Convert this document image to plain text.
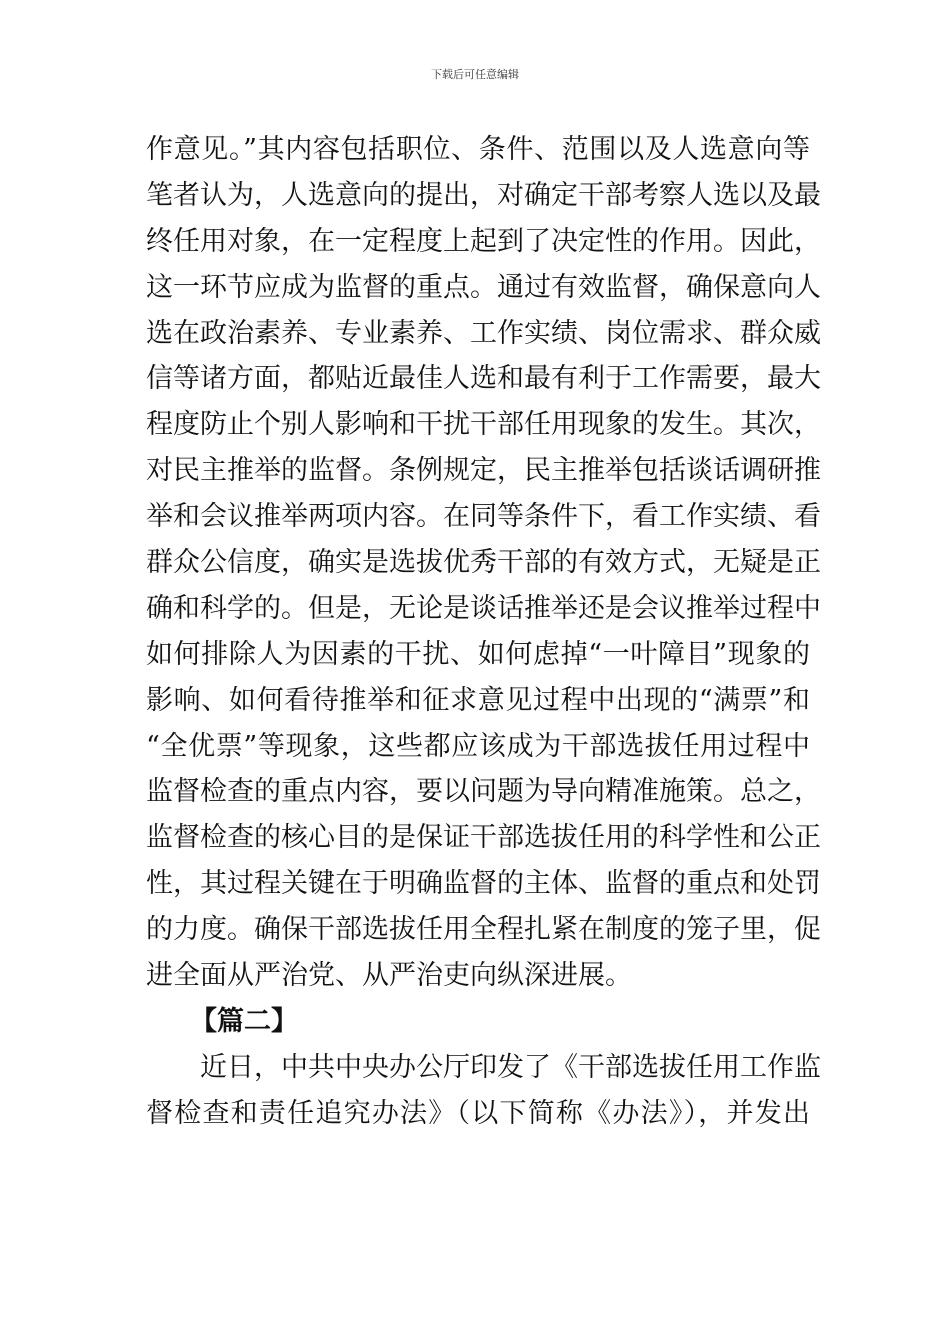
下载后可任意编辑
作意见。”其内容包括职位、条件、范围以及人选意向等
笔者认为，人选意向的提出，对确定干部考察人选以及最
终任用对象，在一定程度上起到了决定性的作用。因此，
这一环节应成为监督的重点。通过有效监督，确保意向人
选在政治素养、专业素养、工作实绩、岗位需求、群众威
信等诸方面，都贴近最佳人选和最有利于工作需要，最大
程度防止个别人影响和干扰干部任用现象的发生。其次，
对民主推举的监督。条例规定，民主推举包括谈话调研推
举和会议推举两项内容。在同等条件下，看工作实绩、看
群众公信度，确实是选拔优秀干部的有效方式，无疑是正
确和科学的。但是，无论是谈话推举还是会议推举过程中
如何排除人为因素的干扰、如何虑掉“一叶障目”现象的
影响、如何看待推举和征求意见过程中出现的“满票”和
“全优票”等现象，这些都应该成为干部选拔任用过程中
监督检查的重点内容，要以问题为导向精准施策。总之，
监督检查的核心目的是保证干部选拔任用的科学性和公正
性，其过程关键在于明确监督的主体、监督的重点和处罚
的力度。确保干部选拔任用全程扎紧在制度的笼子里，促
进全面从严治党、从严治吏向纵深进展。
【篇二】
近日，中共中央办公厅印发了《干部选拔任用工作监
督检查和责任追究办法》（以下简称《办法》），并发出
